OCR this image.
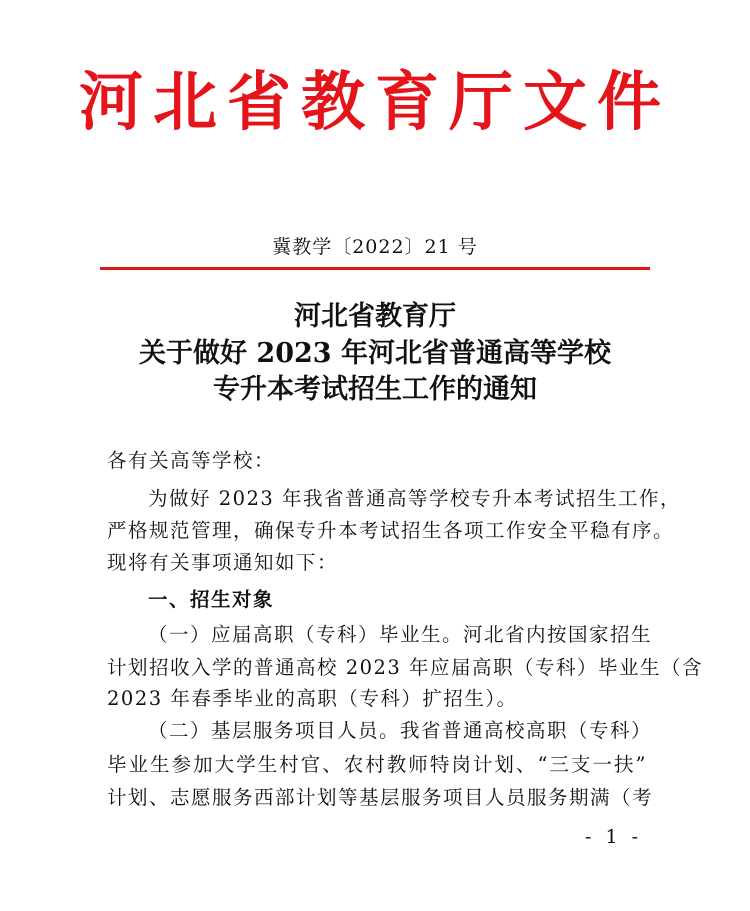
河北省教育厅文件
冀教学〔2022〕21 号
河北省教育厅
关于做好 2023 年河北省普通高等学校
专升本考试招生工作的通知
各有关高等学校：
为做好 2023 年我省普通高等学校专升本考试招生工作，
严格规范管理，确保专升本考试招生各项工作安全平稳有序。
现将有关事项通知如下：
一、招生对象
（一）应届高职（专科）毕业生。河北省内按国家招生
计划招收入学的普通高校 2023 年应届高职（专科）毕业生（含
2023 年春季毕业的高职（专科）扩招生）。
（二）基层服务项目人员。我省普通高校高职（专科）
毕业生参加大学生村官、农村教师特岗计划、“三支一扶”
计划、志愿服务西部计划等基层服务项目人员服务期满（考
- 1 -
